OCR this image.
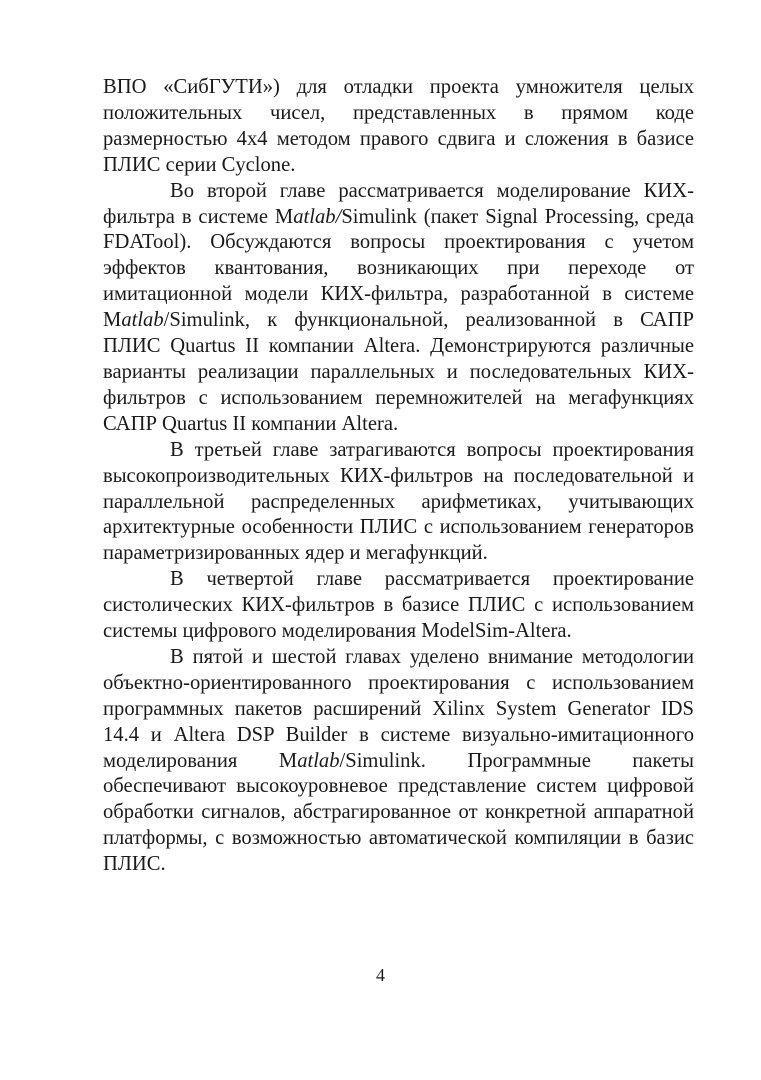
ВПО «СибГУТИ») для отладки проекта умножителя целых положительных чисел, представленных в прямом коде размерностью 4х4 методом правого сдвига и сложения в базисе ПЛИС серии Cyclone.

Во второй главе рассматривается моделирование КИХ-фильтра в системе Matlab/Simulink (пакет Signal Processing, среда FDATool). Обсуждаются вопросы проектирования с учетом эффектов квантования, возникающих при переходе от имитационной модели КИХ-фильтра, разработанной в системе Matlab/Simulink, к функциональной, реализованной в САПР ПЛИС Quartus II компании Altera. Демонстрируются различные варианты реализации параллельных и последовательных КИХ-фильтров с использованием перемножителей на мегафункциях САПР Quartus II компании Altera.

В третьей главе затрагиваются вопросы проектирования высокопроизводительных КИХ-фильтров на последовательной и параллельной распределенных арифметиках, учитывающих архитектурные особенности ПЛИС с использованием генераторов параметризированных ядер и мегафункций.

В четвертой главе рассматривается проектирование систолических КИХ-фильтров в базисе ПЛИС с использованием системы цифрового моделирования ModelSim-Altera.

В пятой и шестой главах уделено внимание методологии объектно-ориентированного проектирования с использованием программных пакетов расширений Xilinx System Generator IDS 14.4 и Altera DSP Builder в системе визуально-имитационного моделирования Matlab/Simulink. Программные пакеты обеспечивают высокоуровневое представление систем цифровой обработки сигналов, абстрагированное от конкретной аппаратной платформы, с возможностью автоматической компиляции в базис ПЛИС.

4
